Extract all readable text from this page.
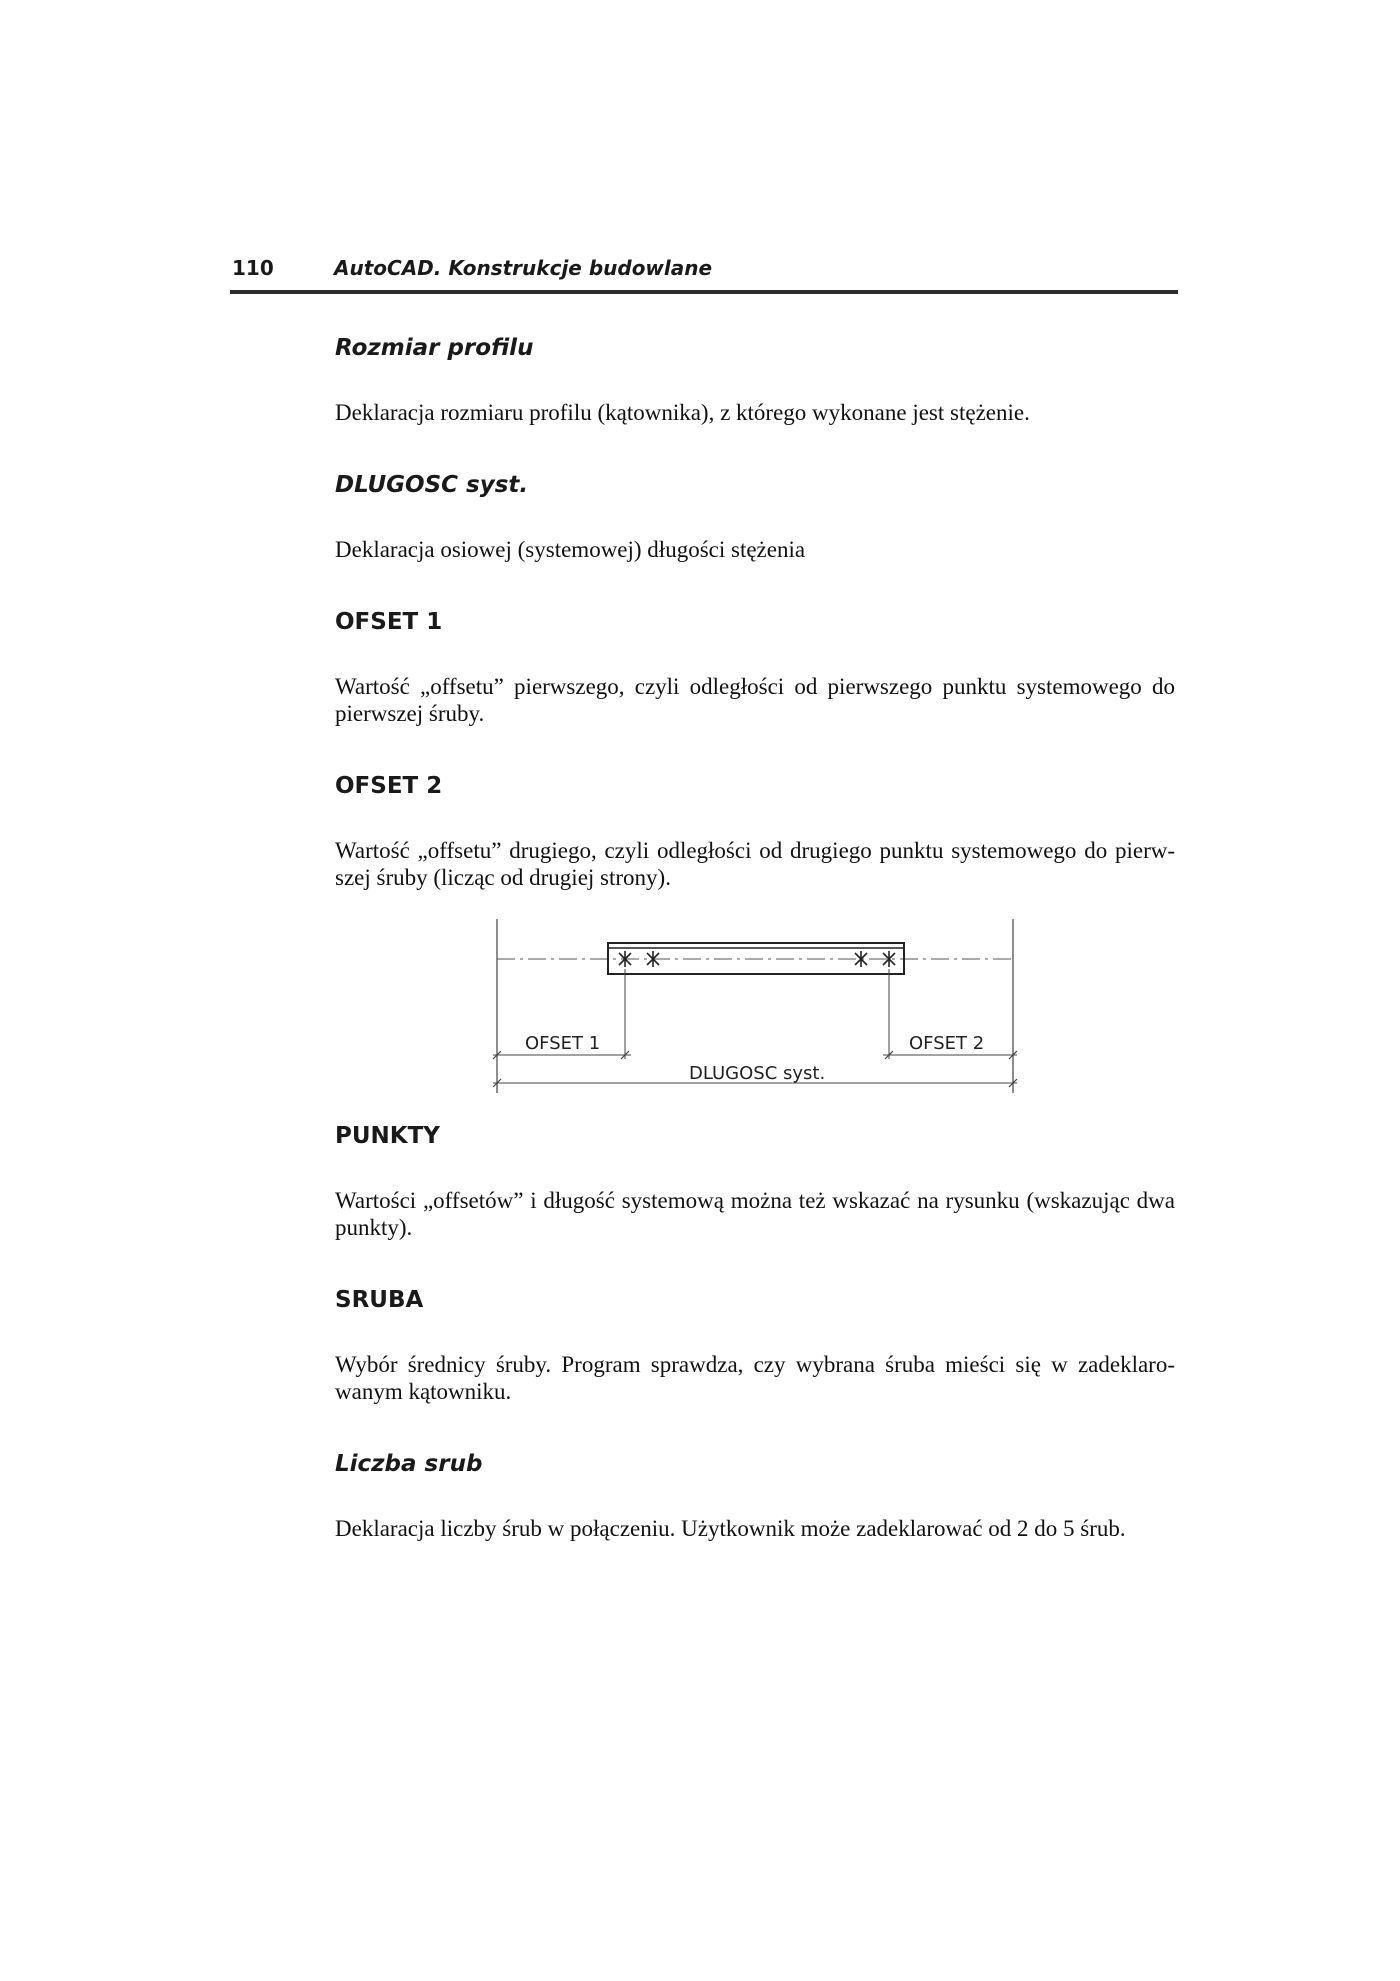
110	AutoCAD. Konstrukcje budowlane
Rozmiar profilu

Deklaracja rozmiaru profilu (kątownika), z którego wykonane jest stężenie.

DLUGOSC syst.

Deklaracja osiowej (systemowej) długości stężenia

OFSET 1

Wartość „offsetu” pierwszego, czyli odległości od pierwszego punktu systemowego do pierwszej śruby.

OFSET 2

Wartość „offsetu” drugiego, czyli odległości od drugiego punktu systemowego do pierw-szej śruby (licząc od drugiej strony).

PUNKTY

Wartości „offsetów” i długość systemową można też wskazać na rysunku (wskazując dwa punkty).

SRUBA

Wybór średnicy śruby. Program sprawdza, czy wybrana śruba mieści się w zadeklaro-wanym kątowniku.

Liczba srub

Deklaracja liczby śrub w połączeniu. Użytkownik może zadeklarować od 2 do 5 śrub.

OFSET 1	OFSET 2
DLUGOSC syst.
